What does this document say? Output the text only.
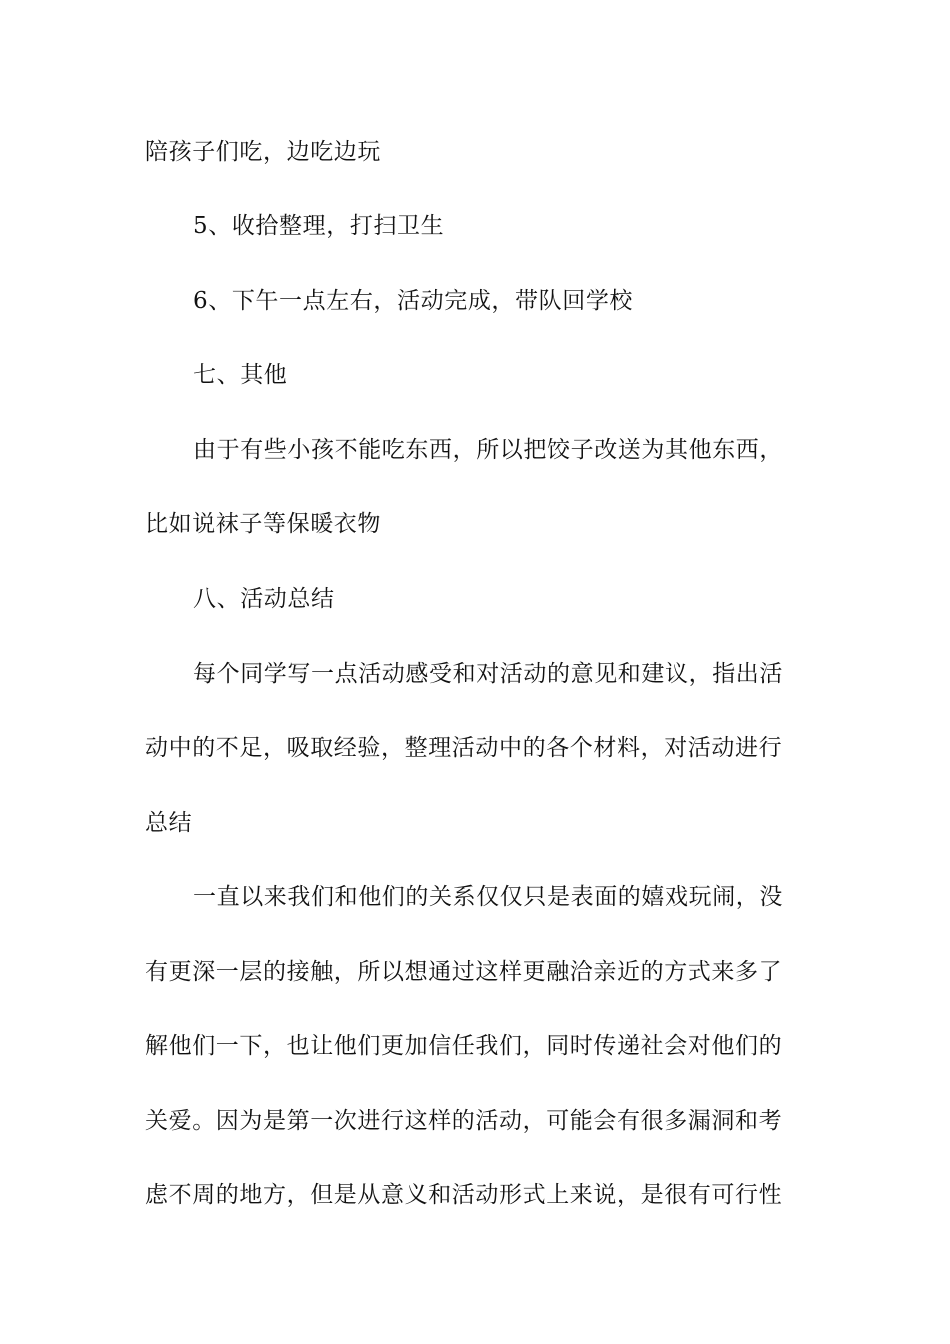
陪孩子们吃，边吃边玩
5、收拾整理，打扫卫生
6、下午一点左右，活动完成，带队回学校
七、其他
由于有些小孩不能吃东西，所以把饺子改送为其他东西，
比如说袜子等保暖衣物
八、活动总结
每个同学写一点活动感受和对活动的意见和建议，指出活
动中的不足，吸取经验，整理活动中的各个材料，对活动进行
总结
一直以来我们和他们的关系仅仅只是表面的嬉戏玩闹，没
有更深一层的接触，所以想通过这样更融洽亲近的方式来多了
解他们一下，也让他们更加信任我们，同时传递社会对他们的
关爱。因为是第一次进行这样的活动，可能会有很多漏洞和考
虑不周的地方，但是从意义和活动形式上来说，是很有可行性
